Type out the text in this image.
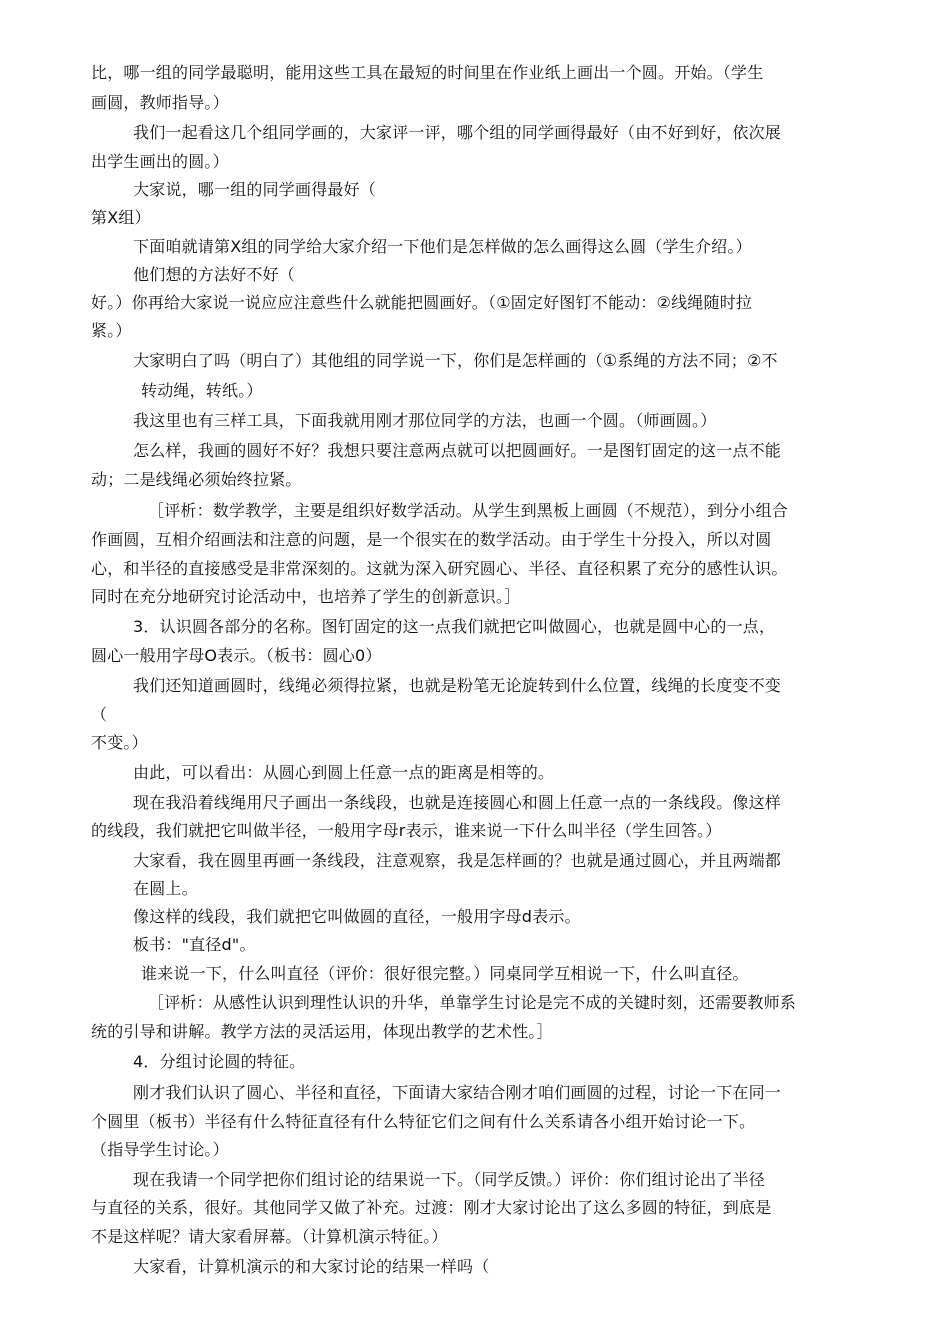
比，哪一组的同学最聪明，能用这些工具在最短的时间里在作业纸上画出一个圆。开始。（学生
画圆，教师指导。）
我们一起看这几个组同学画的，大家评一评，哪个组的同学画得最好（由不好到好，依次展
出学生画出的圆。）
大家说，哪一组的同学画得最好（
第X组）
下面咱就请第X组的同学给大家介绍一下他们是怎样做的怎么画得这么圆（学生介绍。）
他们想的方法好不好（
好。）你再给大家说一说应应注意些什么就能把圆画好。（①固定好图钉不能动：②线绳随时拉
紧。）
大家明白了吗（明白了）其他组的同学说一下，你们是怎样画的（①系绳的方法不同；②不
转动绳，转纸。）
我这里也有三样工具，下面我就用刚才那位同学的方法，也画一个圆。（师画圆。）
怎么样，我画的圆好不好？我想只要注意两点就可以把圆画好。一是图钉固定的这一点不能
动；二是线绳必须始终拉紧。
［评析：数学教学，主要是组织好数学活动。从学生到黑板上画圆（不规范），到分小组合
作画圆，互相介绍画法和注意的问题，是一个很实在的数学活动。由于学生十分投入，所以对圆
心，和半径的直接感受是非常深刻的。这就为深入研究圆心、半径、直径积累了充分的感性认识。
同时在充分地研究讨论活动中，也培养了学生的创新意识。］
3．认识圆各部分的名称。图钉固定的这一点我们就把它叫做圆心，也就是圆中心的一点，
圆心一般用字母O表示。（板书：圆心0）
我们还知道画圆时，线绳必须得拉紧，也就是粉笔无论旋转到什么位置，线绳的长度变不变
（
不变。）
由此，可以看出：从圆心到圆上任意一点的距离是相等的。
现在我沿着线绳用尺子画出一条线段，也就是连接圆心和圆上任意一点的一条线段。像这样
的线段，我们就把它叫做半径，一般用字母r表示，谁来说一下什么叫半径（学生回答。）
大家看，我在圆里再画一条线段，注意观察，我是怎样画的？也就是通过圆心，并且两端都
在圆上。
像这样的线段，我们就把它叫做圆的直径，一般用字母d表示。
板书："直径d"。
谁来说一下，什么叫直径（评价：很好很完整。）同桌同学互相说一下，什么叫直径。
［评析：从感性认识到理性认识的升华，单靠学生讨论是完不成的关键时刻，还需要教师系
统的引导和讲解。教学方法的灵活运用，体现出教学的艺术性。］
4．分组讨论圆的特征。
刚才我们认识了圆心、半径和直径，下面请大家结合刚才咱们画圆的过程，讨论一下在同一
个圆里（板书）半径有什么特征直径有什么特征它们之间有什么关系请各小组开始讨论一下。
（指导学生讨论。）
现在我请一个同学把你们组讨论的结果说一下。（同学反馈。）评价：你们组讨论出了半径
与直径的关系，很好。其他同学又做了补充。过渡：刚才大家讨论出了这么多圆的特征，到底是
不是这样呢？请大家看屏幕。（计算机演示特征。）
大家看，计算机演示的和大家讨论的结果一样吗（
